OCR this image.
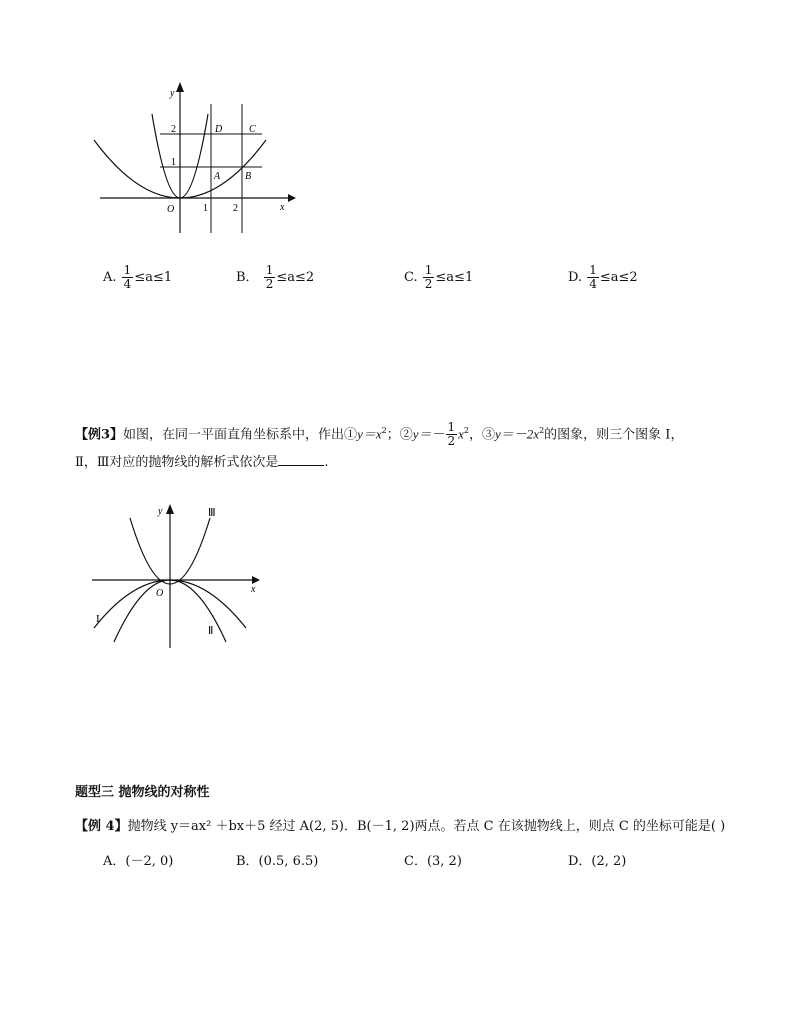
y
x
O
2
1
1	2
D	C
A B
A. $\frac{1}{4} \le a\le 1$	B． $\frac{1}{2} \le a\le 2$	C. $\frac{1}{2} \le a\le 1$	D. $\frac{1}{4} \le a\le 2$
【例3】如图，在同一平面直角坐标系中，作出$①y=x^2$；②y＝－ $\frac{1}{2} x^2$，$③y=-2x^2$的图象，则三个图象 I，
Ⅱ，Ⅲ对应的抛物线的解析式依次是	.
y
x
O
Ⅲ
I
Ⅱ
题型三 抛物线的对称性
【例 4】抛物线 y＝ax² ＋bx＋5 经过 A(2, 5)．B(－1, 2)两点。若点 C 在该抛物线上，则点 C 的坐标可能是( )
A．(－2, 0)	B．(0.5, 6.5)	C．(3, 2)	D．(2, 2)
